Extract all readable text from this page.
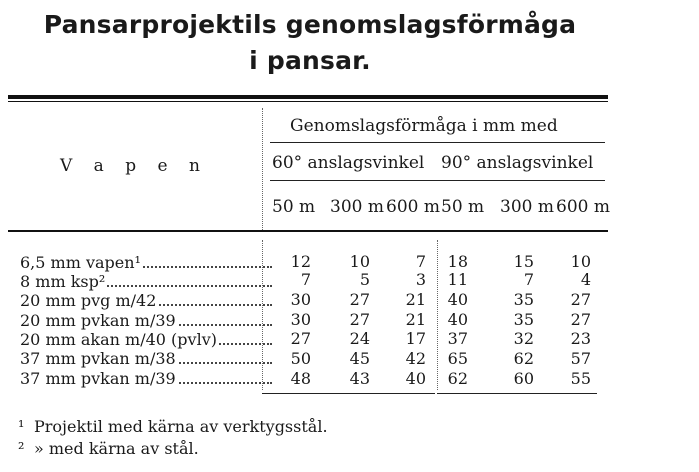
Pansarprojektils genomslagsförmåga
i pansar.
Genomslagsförmåga i mm med
V a p e n	60° anslagsvinkel 90° anslagsvinkel
50 m 300 m 600 m 50 m 300 m 600 m
6,5 mm vapen¹	12	10	7	18	15	10
8 mm ksp²	7	5	3	11	7	4
20 mm pvg m/42	30	27	21	40	35	27
20 mm pvkan m/39	30	27	21	40	35	27
20 mm akan m/40 (pvlv)	27	24	17	37	32	23
37 mm pvkan m/38	50	45	42	65	62	57
37 mm pvkan m/39	48	43	40	62	60	55
¹ Projektil med kärna av verktygsstål.
² » med kärna av stål.
